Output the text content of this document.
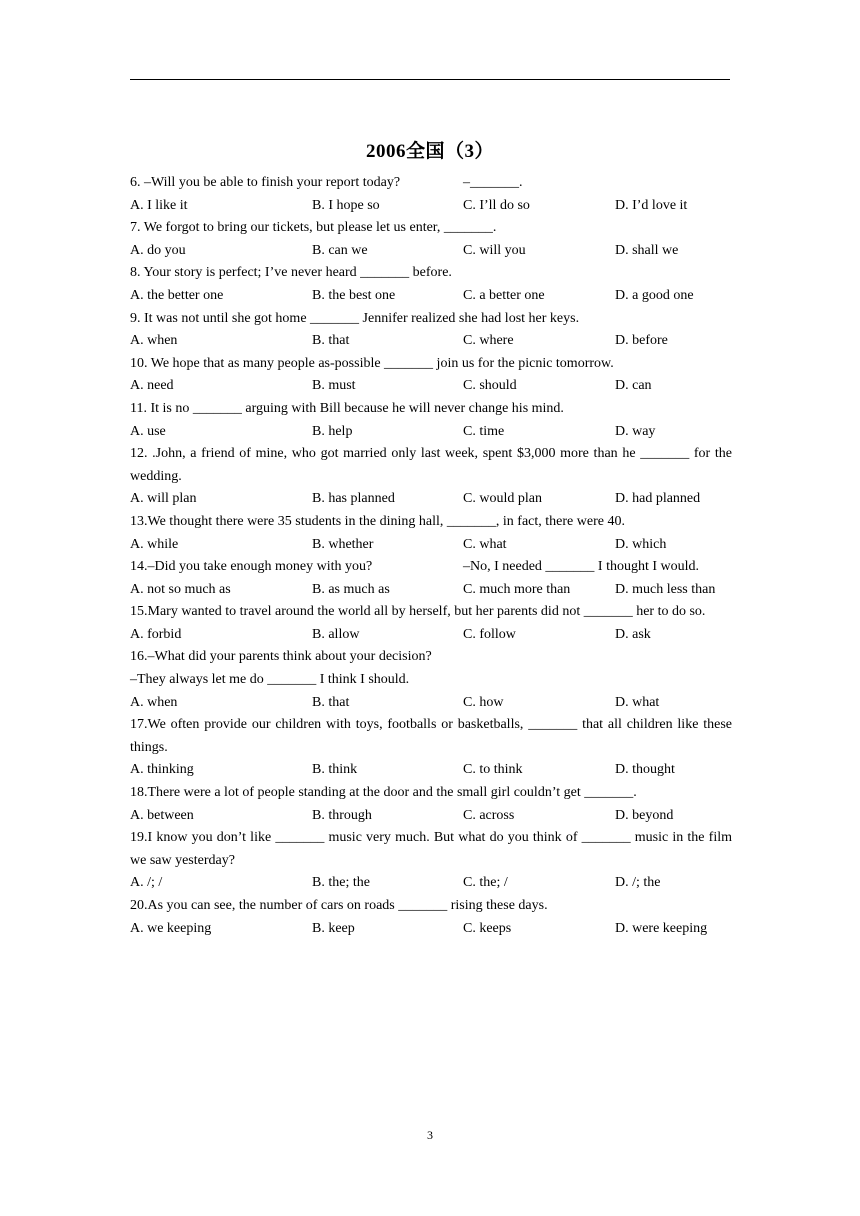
2006全国（3）
6. –Will you be able to finish your report today?	–_______.
A. I like it	B. I hope so	C. I’ll do so	D. I’d love it
7. We forgot to bring our tickets, but please let us enter, _______.
A. do you	B. can we	C. will you	D. shall we
8. Your story is perfect; I’ve never heard _______ before.
A. the better one	B. the best one	C. a better one	D. a good one
9. It was not until she got home _______ Jennifer realized she had lost her keys.
A. when	B. that	C. where	D. before
10. We hope that as many people as-possible _______ join us for the picnic tomorrow.
A. need	B. must	C. should	D. can
11. It is no _______ arguing with Bill because he will never change his mind.
A. use	B. help	C. time	D. way
12. .John, a friend of mine, who got married only last week, spent $3,000 more than he _______ for the wedding.
A. will plan	B. has planned	C. would plan	D. had planned
13.We thought there were 35 students in the dining hall, _______, in fact, there were 40.
A. while	B. whether	C. what	D. which
14.–Did you take enough money with you?	–No, I needed _______ I thought I would.
A. not so much as	B. as much as	C. much more than	D. much less than
15.Mary wanted to travel around the world all by herself, but her parents did not _______ her to do so.
A. forbid	B. allow	C. follow	D. ask
16.–What did your parents think about your decision?
–They always let me do _______ I think I should.
A. when	B. that	C. how	D. what
17.We often provide our children with toys, footballs or basketballs, _______ that all children like these things.
A. thinking	B. think	C. to think	D. thought
18.There were a lot of people standing at the door and the small girl couldn’t get _______.
A. between	B. through	C. across	D. beyond
19.I know you don’t like _______ music very much. But what do you think of _______ music in the film we saw yesterday?
A. /; /	B. the; the	C. the; /	D. /; the
20.As you can see, the number of cars on roads _______ rising these days.
A. we keeping	B. keep	C. keeps	D. were keeping
3
